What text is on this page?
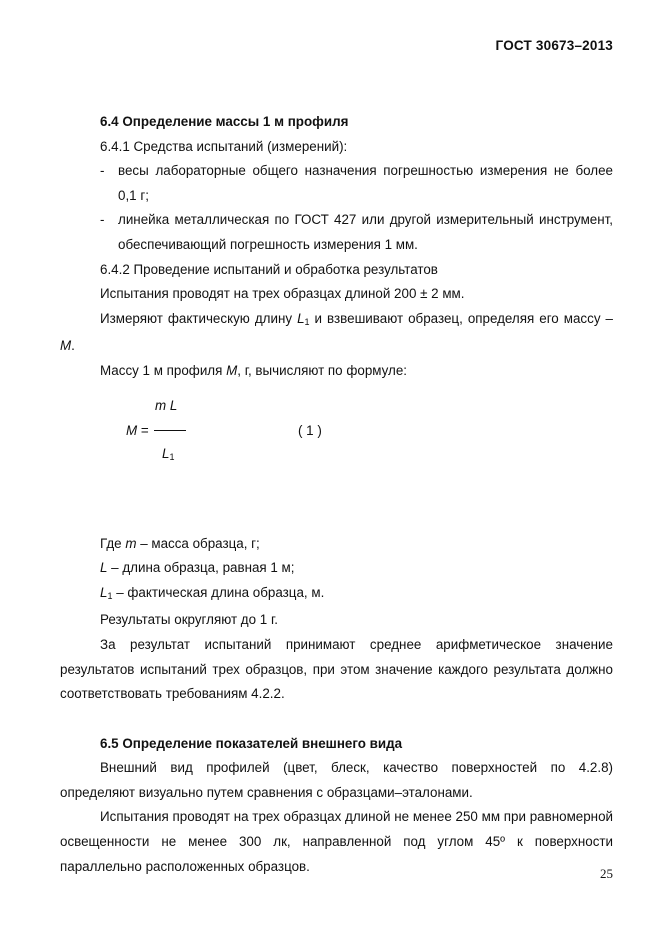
ГОСТ 30673–2013

6.4 Определение массы 1 м профиля

6.4.1 Средства испытаний (измерений):

- весы лабораторные общего назначения погрешностью измерения не более 0,1 г;

- линейка металлическая по ГОСТ 427 или другой измерительный инструмент, обеспечивающий погрешность измерения 1 мм.

6.4.2 Проведение испытаний и обработка результатов

Испытания проводят на трех образцах длиной 200 ± 2 мм.

Измеряют фактическую длину $L_1$ и взвешивают образец, определяя его массу – M.

Массу 1 м профиля M, г, вычисляют по формуле:

m L
M =
$L_1$
( 1 )

Где m – масса образца, г;

L – длина образца, равная 1 м;

$L_1$ – фактическая длина образца, м.

Результаты округляют до 1 г.

За результат испытаний принимают среднее арифметическое значение результатов испытаний трех образцов, при этом значение каждого результата должно соответствовать требованиям 4.2.2.

6.5 Определение показателей внешнего вида

Внешний вид профилей (цвет, блеск, качество поверхностей по 4.2.8) определяют визуально путем сравнения с образцами–эталонами.

Испытания проводят на трех образцах длиной не менее 250 мм при равномерной освещенности не менее 300 лк, направленной под углом 45º к поверхности параллельно расположенных образцов.	25
